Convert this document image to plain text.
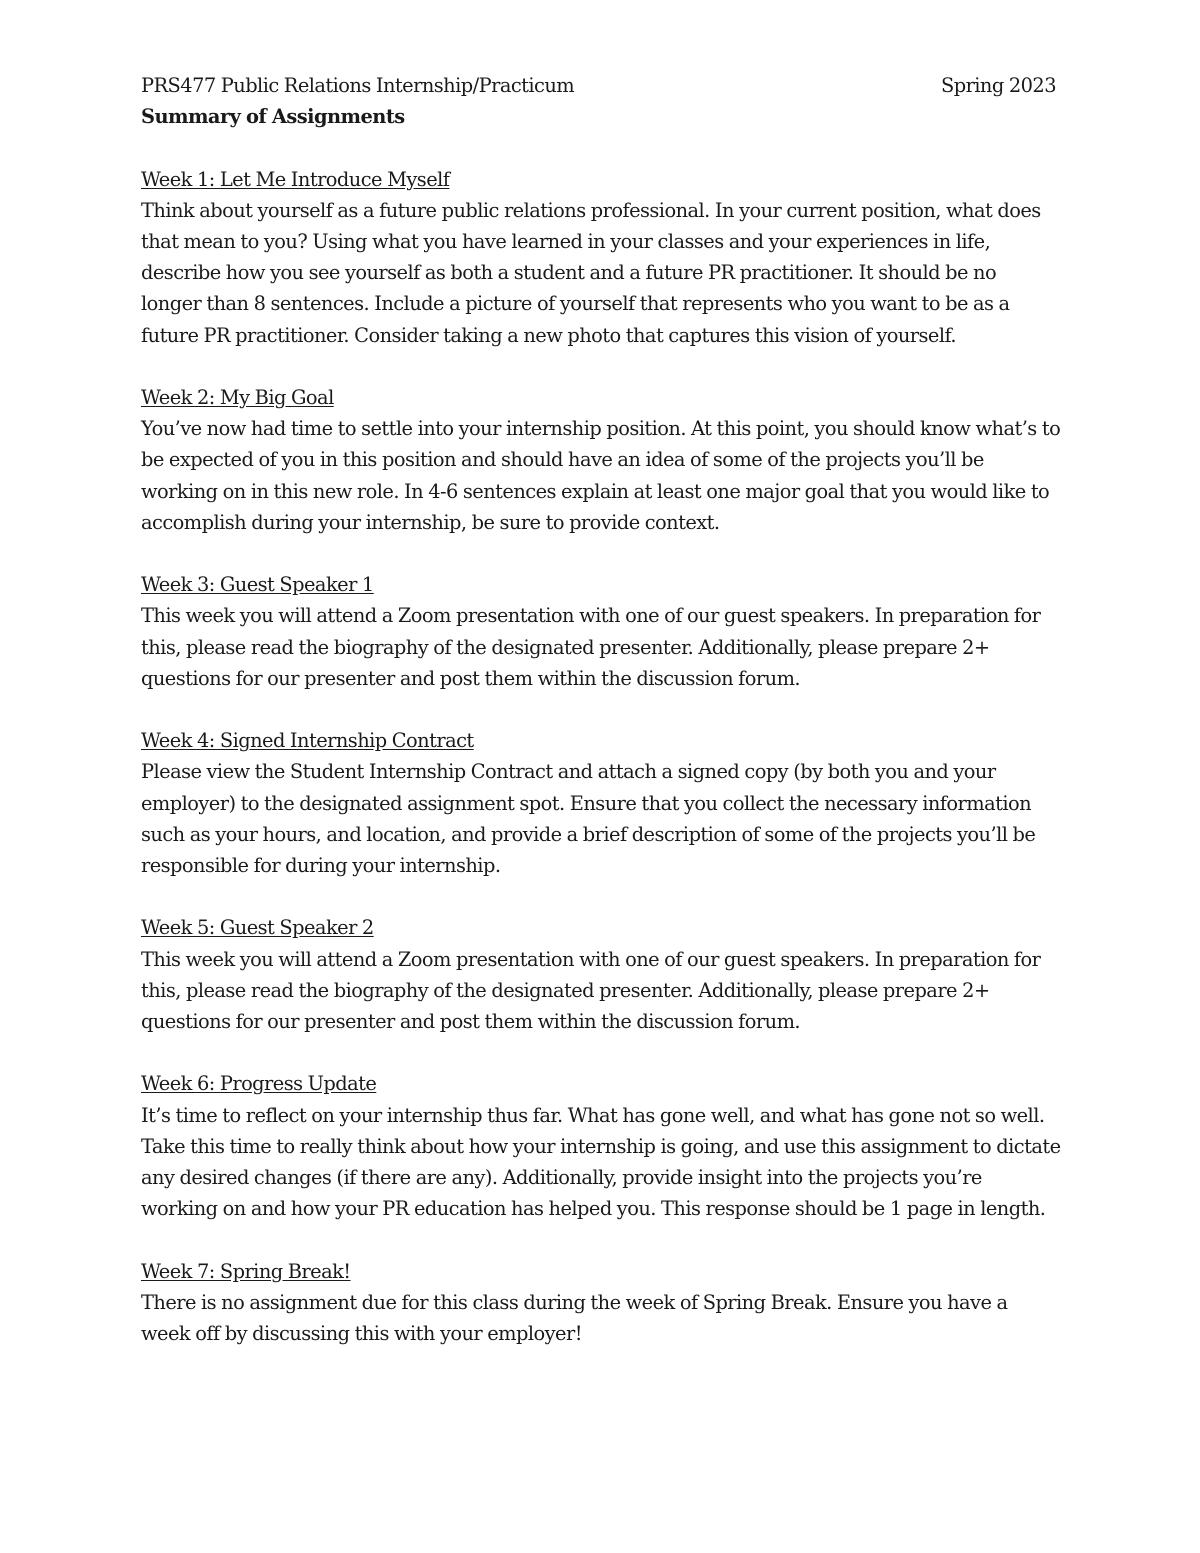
PRS477 Public Relations Internship/Practicum	Spring 2023
Summary of Assignments
Week 1: Let Me Introduce Myself
Think about yourself as a future public relations professional. In your current position, what does that mean to you? Using what you have learned in your classes and your experiences in life, describe how you see yourself as both a student and a future PR practitioner. It should be no longer than 8 sentences. Include a picture of yourself that represents who you want to be as a future PR practitioner. Consider taking a new photo that captures this vision of yourself.
Week 2: My Big Goal
You’ve now had time to settle into your internship position. At this point, you should know what’s to be expected of you in this position and should have an idea of some of the projects you’ll be working on in this new role. In 4-6 sentences explain at least one major goal that you would like to accomplish during your internship, be sure to provide context.
Week 3: Guest Speaker 1
This week you will attend a Zoom presentation with one of our guest speakers. In preparation for this, please read the biography of the designated presenter. Additionally, please prepare 2+ questions for our presenter and post them within the discussion forum.
Week 4: Signed Internship Contract
Please view the Student Internship Contract and attach a signed copy (by both you and your employer) to the designated assignment spot. Ensure that you collect the necessary information such as your hours, and location, and provide a brief description of some of the projects you’ll be responsible for during your internship.
Week 5: Guest Speaker 2
This week you will attend a Zoom presentation with one of our guest speakers. In preparation for this, please read the biography of the designated presenter. Additionally, please prepare 2+ questions for our presenter and post them within the discussion forum.
Week 6: Progress Update
It’s time to reflect on your internship thus far. What has gone well, and what has gone not so well. Take this time to really think about how your internship is going, and use this assignment to dictate any desired changes (if there are any). Additionally, provide insight into the projects you’re working on and how your PR education has helped you. This response should be 1 page in length.
Week 7: Spring Break!
There is no assignment due for this class during the week of Spring Break. Ensure you have a week off by discussing this with your employer!
